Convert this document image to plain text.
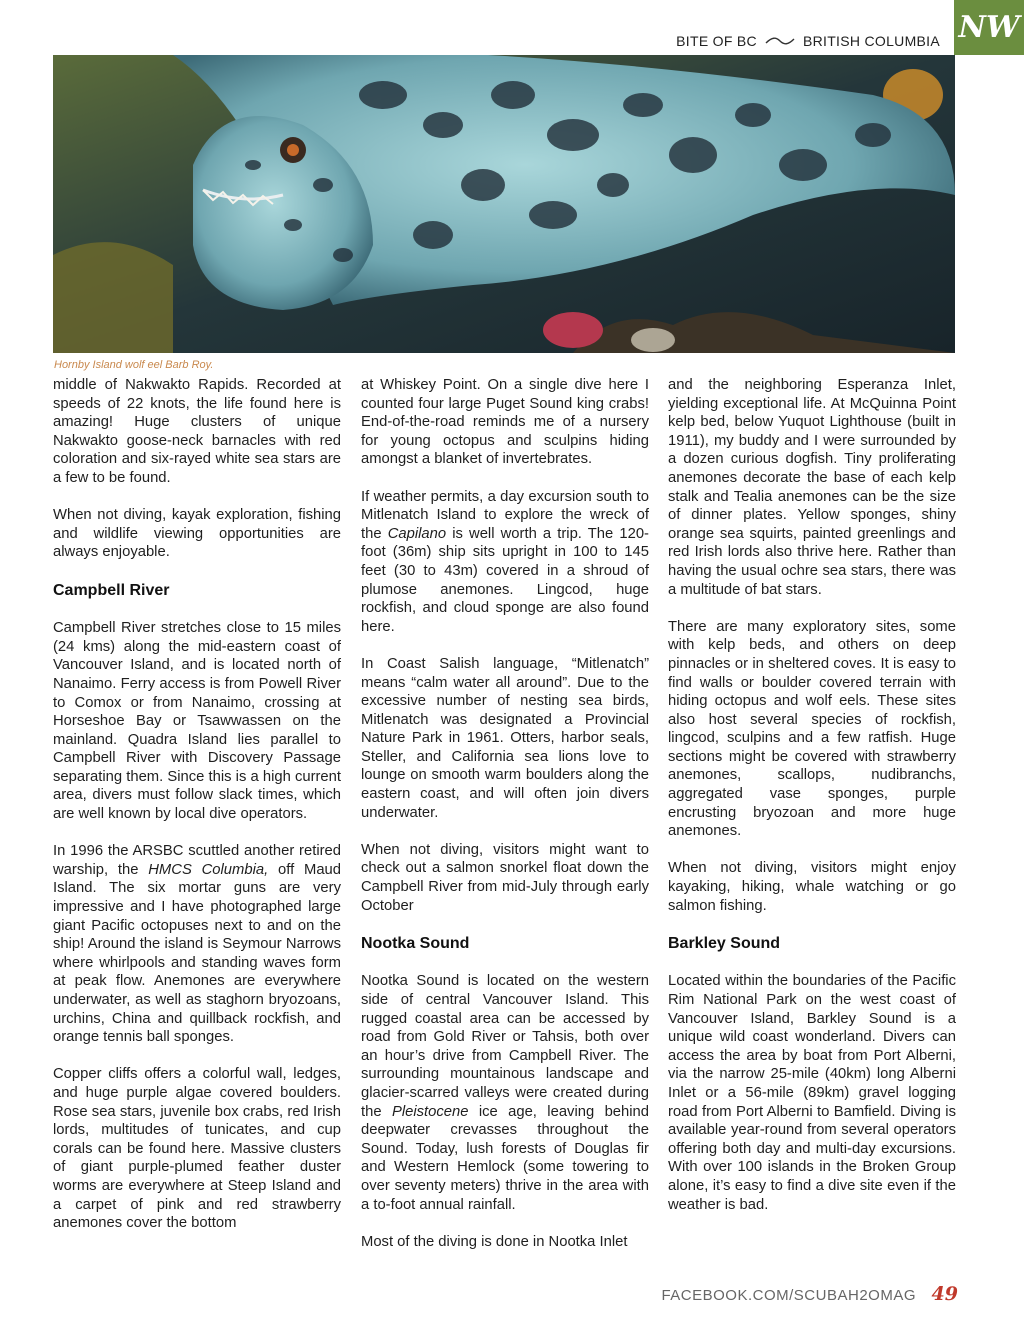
BITE OF BC	BRITISH COLUMBIA NW
Hornby Island wolf eel Barb Roy.

middle of Nakwakto Rapids. Recorded at speeds of 22 knots, the life found here is amazing! Huge clusters of unique Nakwakto goose-neck barnacles with red coloration and six-rayed white sea stars are a few to be found.

When not diving, kayak exploration, fishing and wildlife viewing opportunities are always enjoyable.

Campbell River

Campbell River stretches close to 15 miles (24 kms) along the mid-eastern coast of Vancouver Island, and is located north of Nanaimo. Ferry access is from Powell River to Comox or from Nanaimo, crossing at Horseshoe Bay or Tsawwassen on the mainland. Quadra Island lies parallel to Campbell River with Discovery Passage separating them. Since this is a high current area, divers must follow slack times, which are well known by local dive operators.

In 1996 the ARSBC scuttled another retired warship, the HMCS Columbia, off Maud Island. The six mortar guns are very impressive and I have photographed large giant Pacific octopuses next to and on the ship! Around the island is Seymour Narrows where whirlpools and standing waves form at peak flow. Anemones are everywhere underwater, as well as staghorn bryozoans, urchins, China and quillback rockfish, and orange tennis ball sponges.

Copper cliffs offers a colorful wall, ledges, and huge purple algae covered boulders. Rose sea stars, juvenile box crabs, red Irish lords, multitudes of tunicates, and cup corals can be found here. Massive clusters of giant purple-plumed feather duster worms are everywhere at Steep Island and a carpet of pink and red strawberry anemones cover the bottom

at Whiskey Point. On a single dive here I counted four large Puget Sound king crabs! End-of-the-road reminds me of a nursery for young octopus and sculpins hiding amongst a blanket of invertebrates.

If weather permits, a day excursion south to Mitlenatch Island to explore the wreck of the Capilano is well worth a trip. The 120-foot (36m) ship sits upright in 100 to 145 feet (30 to 43m) covered in a shroud of plumose anemones. Lingcod, huge rockfish, and cloud sponge are also found here.

In Coast Salish language, “Mitlenatch” means “calm water all around”. Due to the excessive number of nesting sea birds, Mitlenatch was designated a Provincial Nature Park in 1961. Otters, harbor seals, Steller, and California sea lions love to lounge on smooth warm boulders along the eastern coast, and will often join divers underwater.

When not diving, visitors might want to check out a salmon snorkel float down the Campbell River from mid-July through early October

Nootka Sound

Nootka Sound is located on the western side of central Vancouver Island. This rugged coastal area can be accessed by road from Gold River or Tahsis, both over an hour’s drive from Campbell River. The surrounding mountainous landscape and glacier-scarred valleys were created during the Pleistocene ice age, leaving behind deepwater crevasses throughout the Sound. Today, lush forests of Douglas fir and Western Hemlock (some towering to over seventy meters) thrive in the area with a to-foot annual rainfall.

Most of the diving is done in Nootka Inlet

and the neighboring Esperanza Inlet, yielding exceptional life. At McQuinna Point kelp bed, below Yuquot Lighthouse (built in 1911), my buddy and I were surrounded by a dozen curious dogfish. Tiny proliferating anemones decorate the base of each kelp stalk and Tealia anemones can be the size of dinner plates. Yellow sponges, shiny orange sea squirts, painted greenlings and red Irish lords also thrive here. Rather than having the usual ochre sea stars, there was a multitude of bat stars.

There are many exploratory sites, some with kelp beds, and others on deep pinnacles or in sheltered coves. It is easy to find walls or boulder covered terrain with hiding octopus and wolf eels. These sites also host several species of rockfish, lingcod, sculpins and a few ratfish. Huge sections might be covered with strawberry anemones, scallops, nudibranchs, aggregated vase sponges, purple encrusting bryozoan and more huge anemones.

When not diving, visitors might enjoy kayaking, hiking, whale watching or go salmon fishing.

Barkley Sound

Located within the boundaries of the Pacific Rim National Park on the west coast of Vancouver Island, Barkley Sound is a unique wild coast wonderland. Divers can access the area by boat from Port Alberni, via the narrow 25-mile (40km) long Alberni Inlet or a 56-mile (89km) gravel logging road from Port Alberni to Bamfield. Diving is available year-round from several operators offering both day and multi-day excursions. With over 100 islands in the Broken Group alone, it’s easy to find a dive site even if the weather is bad.

FACEBOOK.COM/SCUBAH2OMAG 49
